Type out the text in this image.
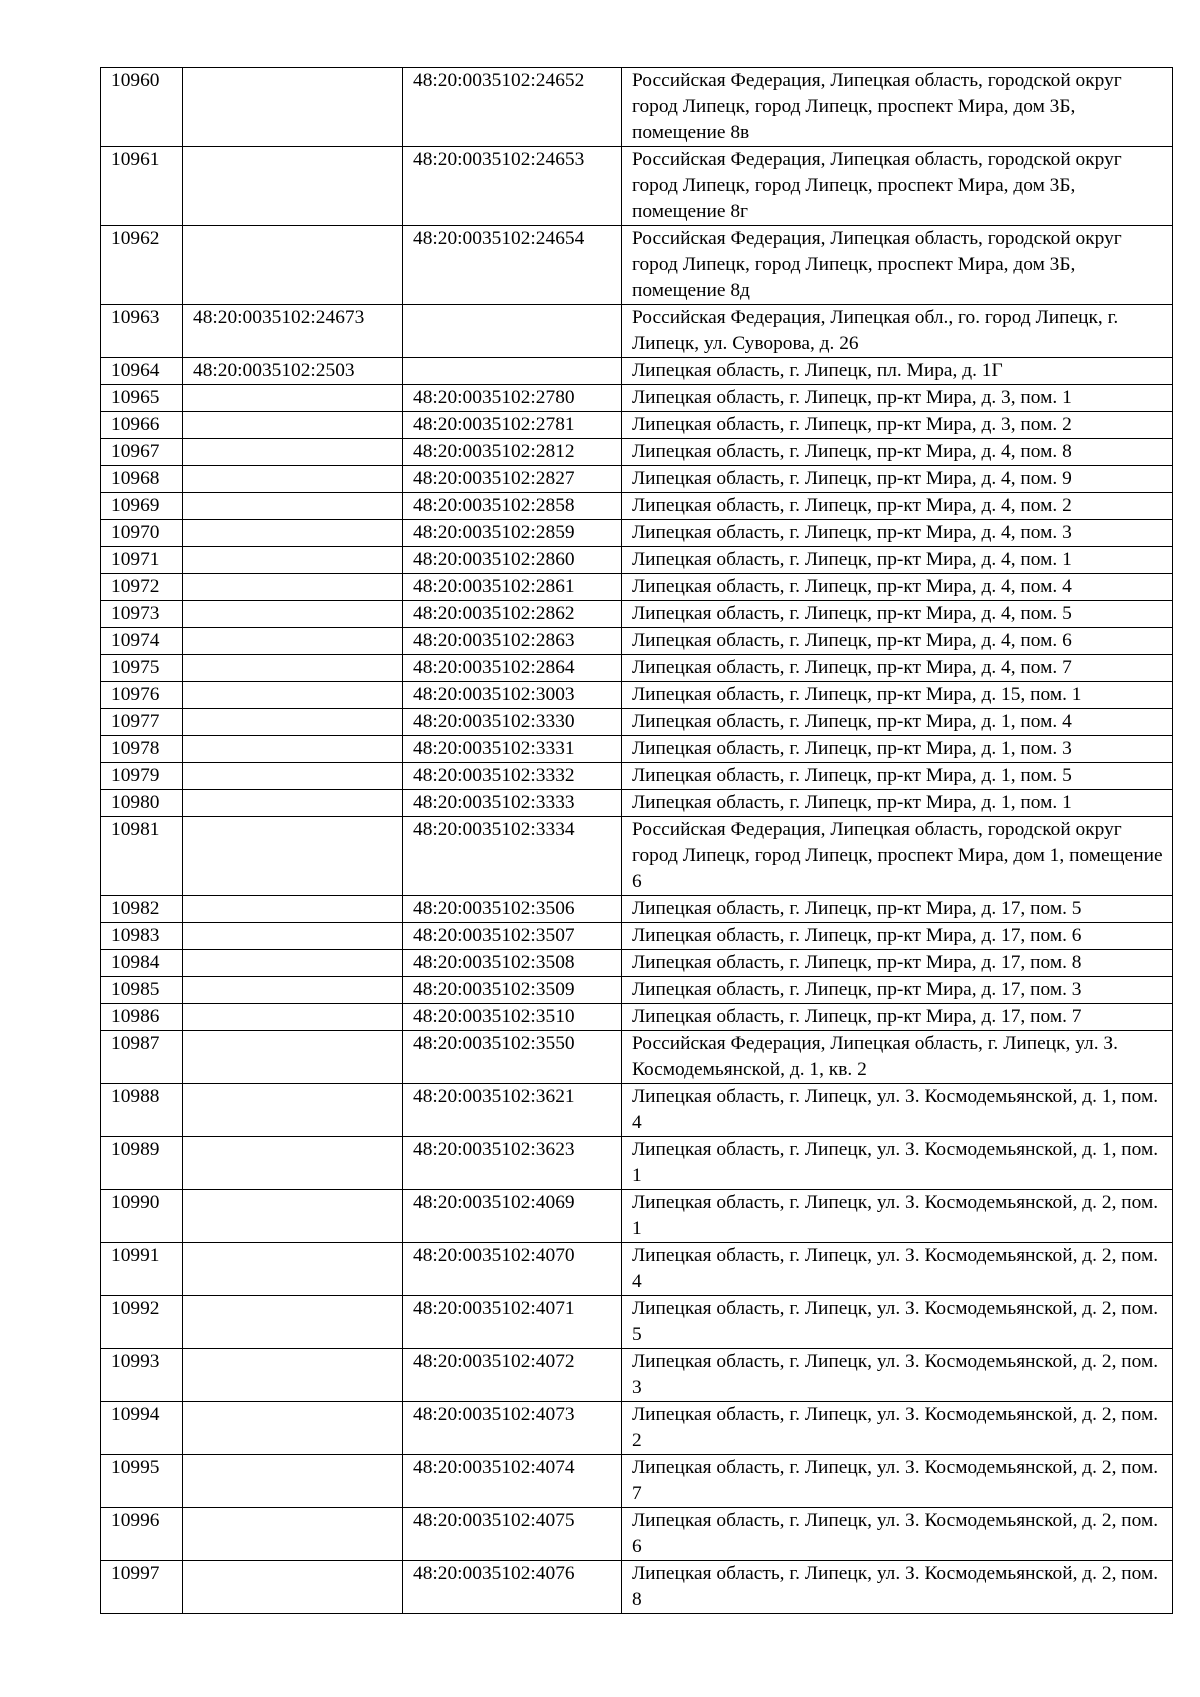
10960		48:20:0035102:24652	Российская Федерация, Липецкая область, городской округ город Липецк, город Липецк, проспект Мира, дом 3Б, помещение 8в
10961		48:20:0035102:24653	Российская Федерация, Липецкая область, городской округ город Липецк, город Липецк, проспект Мира, дом 3Б, помещение 8г
10962		48:20:0035102:24654	Российская Федерация, Липецкая область, городской округ город Липецк, город Липецк, проспект Мира, дом 3Б, помещение 8д
10963	48:20:0035102:24673		Российская Федерация, Липецкая обл., го. город Липецк, г. Липецк, ул. Суворова, д. 26
10964	48:20:0035102:2503		Липецкая область, г. Липецк, пл. Мира, д. 1Г
10965		48:20:0035102:2780	Липецкая область, г. Липецк, пр-кт Мира, д. 3, пом. 1
10966		48:20:0035102:2781	Липецкая область, г. Липецк, пр-кт Мира, д. 3, пом. 2
10967		48:20:0035102:2812	Липецкая область, г. Липецк, пр-кт Мира, д. 4, пом. 8
10968		48:20:0035102:2827	Липецкая область, г. Липецк, пр-кт Мира, д. 4, пом. 9
10969		48:20:0035102:2858	Липецкая область, г. Липецк, пр-кт Мира, д. 4, пом. 2
10970		48:20:0035102:2859	Липецкая область, г. Липецк, пр-кт Мира, д. 4, пом. 3
10971		48:20:0035102:2860	Липецкая область, г. Липецк, пр-кт Мира, д. 4, пом. 1
10972		48:20:0035102:2861	Липецкая область, г. Липецк, пр-кт Мира, д. 4, пом. 4
10973		48:20:0035102:2862	Липецкая область, г. Липецк, пр-кт Мира, д. 4, пом. 5
10974		48:20:0035102:2863	Липецкая область, г. Липецк, пр-кт Мира, д. 4, пом. 6
10975		48:20:0035102:2864	Липецкая область, г. Липецк, пр-кт Мира, д. 4, пом. 7
10976		48:20:0035102:3003	Липецкая область, г. Липецк, пр-кт Мира, д. 15, пом. 1
10977		48:20:0035102:3330	Липецкая область, г. Липецк, пр-кт Мира, д. 1, пом. 4
10978		48:20:0035102:3331	Липецкая область, г. Липецк, пр-кт Мира, д. 1, пом. 3
10979		48:20:0035102:3332	Липецкая область, г. Липецк, пр-кт Мира, д. 1, пом. 5
10980		48:20:0035102:3333	Липецкая область, г. Липецк, пр-кт Мира, д. 1, пом. 1
10981		48:20:0035102:3334	Российская Федерация, Липецкая область, городской округ город Липецк, город Липецк, проспект Мира, дом 1, помещение 6
10982		48:20:0035102:3506	Липецкая область, г. Липецк, пр-кт Мира, д. 17, пом. 5
10983		48:20:0035102:3507	Липецкая область, г. Липецк, пр-кт Мира, д. 17, пом. 6
10984		48:20:0035102:3508	Липецкая область, г. Липецк, пр-кт Мира, д. 17, пом. 8
10985		48:20:0035102:3509	Липецкая область, г. Липецк, пр-кт Мира, д. 17, пом. 3
10986		48:20:0035102:3510	Липецкая область, г. Липецк, пр-кт Мира, д. 17, пом. 7
10987		48:20:0035102:3550	Российская Федерация, Липецкая область, г. Липецк, ул. З. Космодемьянской, д. 1, кв. 2
10988		48:20:0035102:3621	Липецкая область, г. Липецк, ул. З. Космодемьянской, д. 1, пом. 4
10989		48:20:0035102:3623	Липецкая область, г. Липецк, ул. З. Космодемьянской, д. 1, пом. 1
10990		48:20:0035102:4069	Липецкая область, г. Липецк, ул. З. Космодемьянской, д. 2, пом. 1
10991		48:20:0035102:4070	Липецкая область, г. Липецк, ул. З. Космодемьянской, д. 2, пом. 4
10992		48:20:0035102:4071	Липецкая область, г. Липецк, ул. З. Космодемьянской, д. 2, пом. 5
10993		48:20:0035102:4072	Липецкая область, г. Липецк, ул. З. Космодемьянской, д. 2, пом. 3
10994		48:20:0035102:4073	Липецкая область, г. Липецк, ул. З. Космодемьянской, д. 2, пом. 2
10995		48:20:0035102:4074	Липецкая область, г. Липецк, ул. З. Космодемьянской, д. 2, пом. 7
10996		48:20:0035102:4075	Липецкая область, г. Липецк, ул. З. Космодемьянской, д. 2, пом. 6
10997		48:20:0035102:4076	Липецкая область, г. Липецк, ул. З. Космодемьянской, д. 2, пом. 8
